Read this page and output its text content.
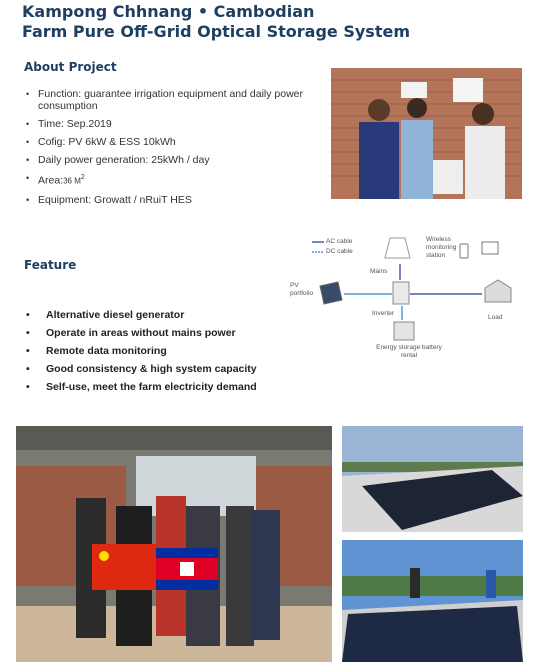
Kampong Chhnang • Cambodian
Farm Pure Off-Grid Optical Storage System
About Project
• Function: guarantee irrigation equipment and daily power consumption
• Time: Sep.2019
• Cofig: PV 6kW & ESS 10kWh
• Daily power generation: 25kWh / day
• Area:36 $M^2$
• Equipment: Growatt / nRuiT HES
Feature
•	Alternative diesel generator
•	Operate in areas without mains power
•	Remote data monitoring
•	Good consistency & high system capacity
•	Self-use, meet the farm electricity demand
AC cable
DC cable
Wireless monitoring station
Mains
PV portfolio
Inverter
Load
Energy storage battery rental
